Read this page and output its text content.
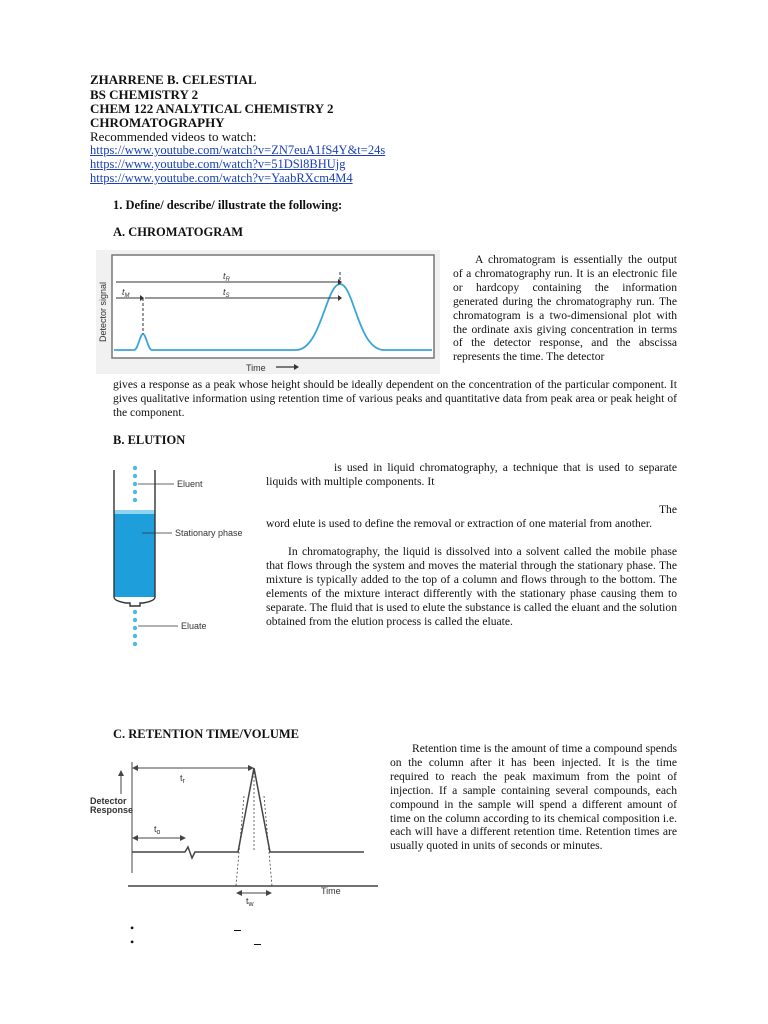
ZHARRENE B. CELESTIAL
BS CHEMISTRY 2
CHEM 122 ANALYTICAL CHEMISTRY 2
CHROMATOGRAPHY
Recommended videos to watch:
https://www.youtube.com/watch?v=ZN7euA1fS4Y&t=24s
https://www.youtube.com/watch?v=51DSl8BHUjg
https://www.youtube.com/watch?v=YaabRXcm4M4
1. Define/ describe/ illustrate the following:
A. CHROMATOGRAM
$t_R$
$t_M$	$t_S$
Detector signal
Time
A chromatogram is essentially the output of a chromatography run. It is an electronic file or hardcopy containing the information generated during the chromatography run. The chromatogram is a two-dimensional plot with the ordinate axis giving concentration in terms of the detector response, and the abscissa represents the time. The detector
gives a response as a peak whose height should be ideally dependent on the concentration of the particular component. It gives qualitative information using retention time of various peaks and quantitative data from peak area or peak height of the component.
B. ELUTION
Eluent
Stationary phase
Eluate
is used in liquid chromatography, a technique that is used to separate liquids with multiple components. It
The
word elute is used to define the removal or extraction of one material from another.
In chromatography, the liquid is dissolved into a solvent called the mobile phase that flows through the system and moves the material through the stationary phase. The mixture is typically added to the top of a column and flows through to the bottom. The elements of the mixture interact differently with the stationary phase causing them to separate. The fluid that is used to elute the substance is called the eluant and the solution obtained from the elution process is called the eluate.
C. RETENTION TIME/VOLUME
$t_r$
$t_o$
$t_w$
Detector
Response
Time
Retention time is the amount of time a compound spends on the column after it has been injected. It is the time required to reach the peak maximum from the point of injection. If a sample containing several compounds, each compound in the sample will spend a different amount of time on the column according to its chemical composition i.e. each will have a different retention time. Retention times are usually quoted in units of seconds or minutes.
•
•
